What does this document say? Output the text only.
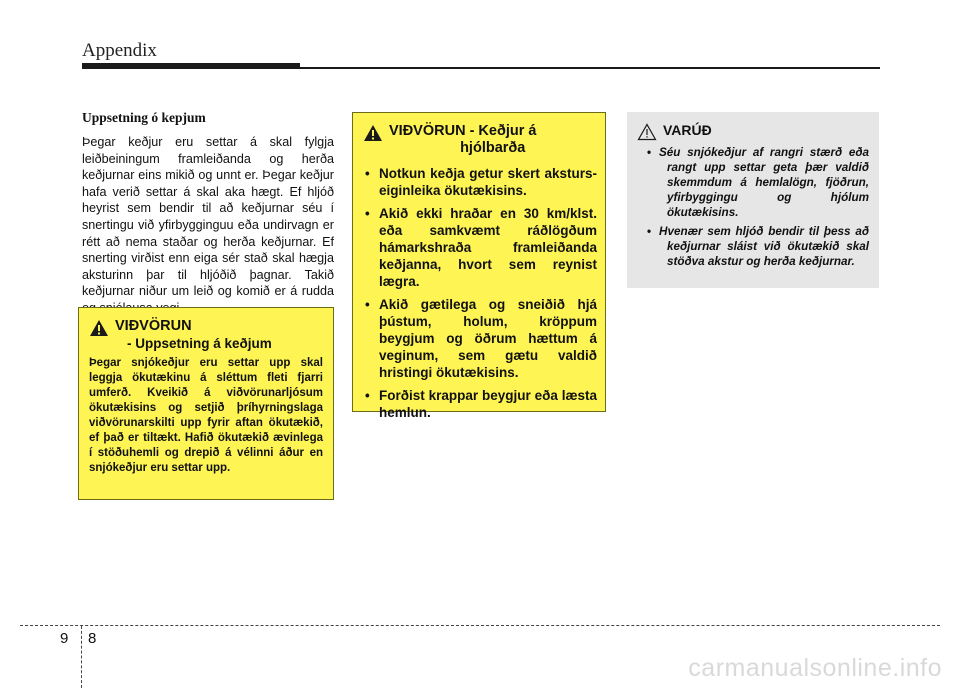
Appendix
Uppsetning ó kepjum

Þegar keðjur eru settar á skal fylgja leiðbeiningum framleiðanda og herða keðjurnar eins mikið og unnt er. Þegar keðjur hafa verið settar á skal aka hægt. Ef hljóð heyrist sem bendir til að keðjurnar séu í snertingu við yfirbygginguu eða undirvagn er rétt að nema staðar og herða keðjurnar. Ef snerting virðist enn eiga sér stað skal hægja aksturinn þar til hljóðið þagnar. Takið keðjurnar niður um leið og komið er á rudda

VIÐVÖRUN
- Uppsetning á keðjum
Þegar snjókeðjur eru settar upp skal leggja ökutækinu á sléttum fleti fjarri umferð. Kveikið á viðvörunarljósum ökutækisins og setjið þríhyrningslaga viðvörunarskilti upp fyrir aftan ökutækið, ef það er tiltækt. Hafið ökutækið ævinlega í stöðuhemli og drepið á vélinni áður en snjókeðjur eru settar upp.
VIÐVÖRUN - Keðjur á
hjólbarða
• Notkun keðja getur skert aksturs- eiginleika ökutækisins.
• Akið ekki hraðar en 30 km/klst. eða samkvæmt ráðlögðum hámarkshraða framleiðanda keðjanna, hvort sem reynist lægra.
• Akið gætilega og sneiðið hjá þústum, holum, kröppum beygjum og öðrum hættum á veginum, sem gætu valdið hristingi ökutækisins.
• Forðist krappar beygjur eða læsta hemlun.
VARÚÐ
• Séu snjókeðjur af rangri stærð eða rangt upp settar geta þær valdið skemmdum á hemlalögn, fjöðrun, yfirbyggingu og hjólum ökutækisins.
• Hvenær sem hljóð bendir til þess að keðjurnar sláist við ökutækið skal stöðva akstur og herða keðjurnar.
9 8
carmanualsonline.info
